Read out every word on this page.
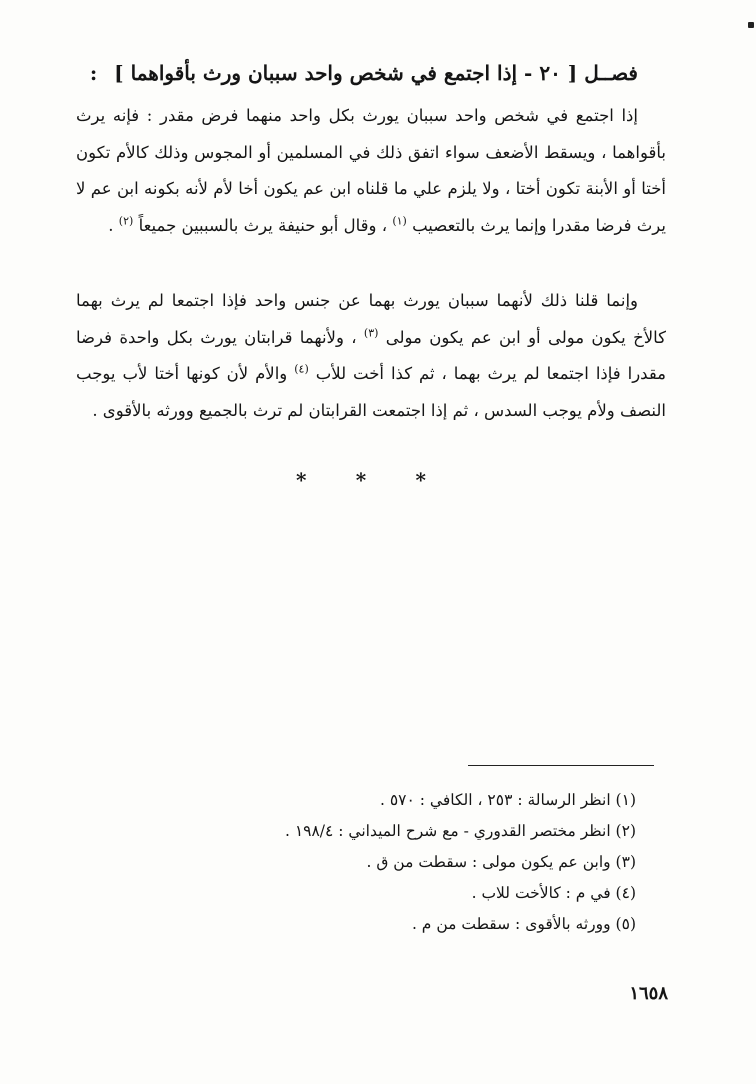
فصــل [ ٢٠ - إذا اجتمع في شخص واحد سببان ورث بأقواهما ] :
إذا اجتمع في شخص واحد سببان يورث بكل واحد منهما فرض مقدر : فإنه يرث بأقواهما ، ويسقط الأضعف سواء اتفق ذلك في المسلمين أو المجوس وذلك كالأم تكون أختا أو الأبنة تكون أختا ، ولا يلزم علي ما قلناه ابن عم يكون أخا لأم لأنه بكونه ابن عم لا يرث فرضا مقدرا وإنما يرث بالتعصيب $^{(١)}$ ، وقال أبو حنيفة يرث بالسببين جميعاً $^{(٢)}$ .
وإنما قلنا ذلك لأنهما سببان يورث بهما عن جنس واحد فإذا اجتمعا لم يرث بهما كالأخ يكون مولى أو ابن عم يكون مولى $^{(٣)}$ ، ولأنهما قرابتان يورث بكل واحدة فرضا مقدرا فإذا اجتمعا لم يرث بهما ، ثم كذا أخت للأب $^{(٤)}$ والأم لأن كونها أختا لأب يوجب النصف ولأم يوجب السدس ، ثم إذا اجتمعت القرابتان لم ترث بالجميع وورثه بالأقوى .
* * *
(١) انظر الرسالة : ٢٥٣ ، الكافي : ٥٧٠ .
(٢) انظر مختصر القدوري - مع شرح الميداني : ١٩٨/٤ .
(٣) وابن عم يكون مولى : سقطت من ق .
(٤) في م : كالأخت للاب .
(٥) وورثه بالأقوى : سقطت من م .
١٦٥٨
